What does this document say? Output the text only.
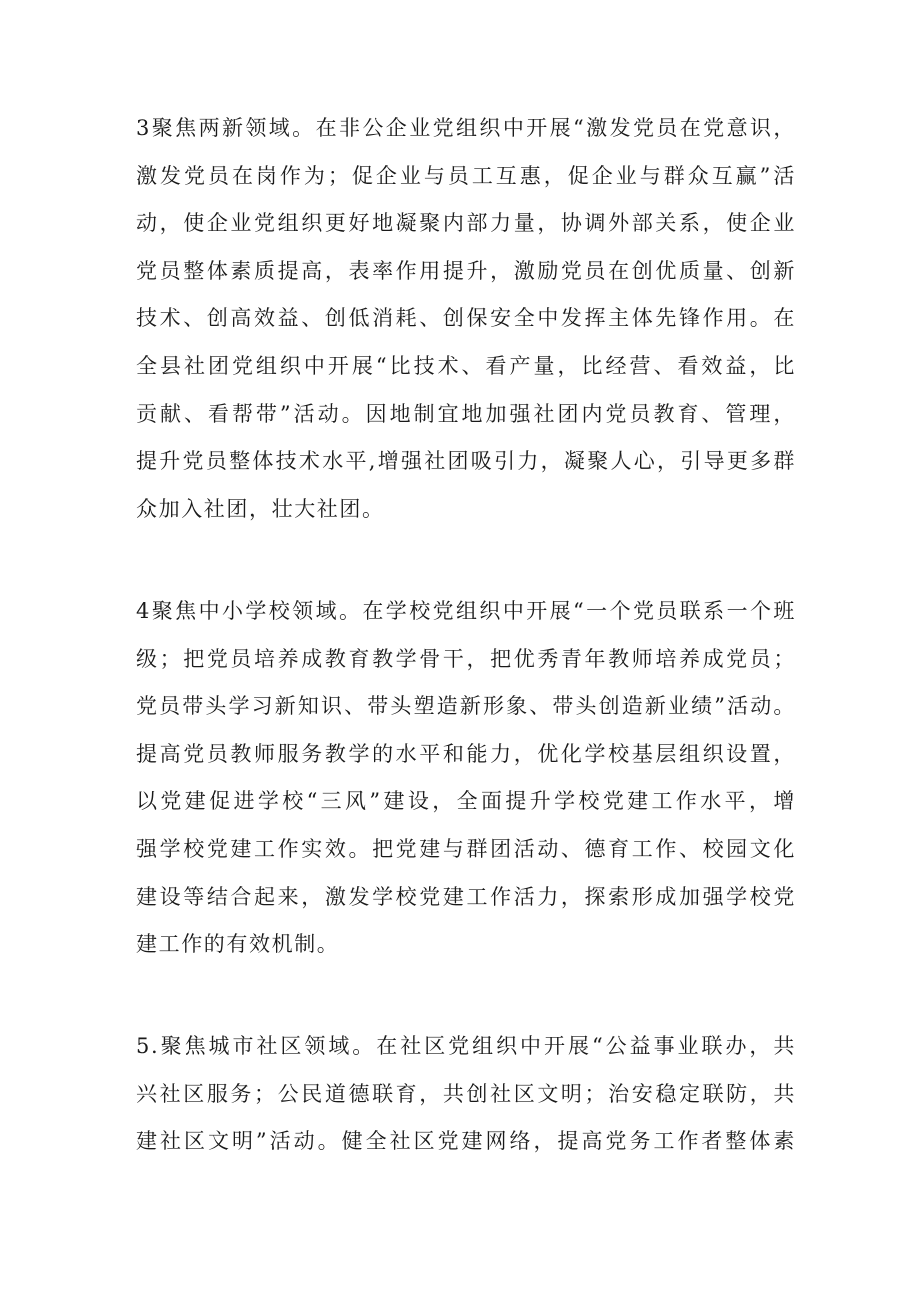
3聚焦两新领域。在非公企业党组织中开展“激发党员在党意识，
激发党员在岗作为；促企业与员工互惠，促企业与群众互赢”活
动，使企业党组织更好地凝聚内部力量，协调外部关系，使企业
党员整体素质提高，表率作用提升，激励党员在创优质量、创新
技术、创高效益、创低消耗、创保安全中发挥主体先锋作用。在
全县社团党组织中开展“比技术、看产量，比经营、看效益，比
贡献、看帮带”活动。因地制宜地加强社团内党员教育、管理，
提升党员整体技术水平,增强社团吸引力，凝聚人心，引导更多群
众加入社团，壮大社团。
4聚焦中小学校领域。在学校党组织中开展“一个党员联系一个班
级；把党员培养成教育教学骨干，把优秀青年教师培养成党员；
党员带头学习新知识、带头塑造新形象、带头创造新业绩”活动。
提高党员教师服务教学的水平和能力，优化学校基层组织设置，
以党建促进学校“三风”建设，全面提升学校党建工作水平，增
强学校党建工作实效。把党建与群团活动、德育工作、校园文化
建设等结合起来，激发学校党建工作活力，探索形成加强学校党
建工作的有效机制。
5.聚焦城市社区领域。在社区党组织中开展“公益事业联办，共
兴社区服务；公民道德联育，共创社区文明；治安稳定联防，共
建社区文明”活动。健全社区党建网络，提高党务工作者整体素
